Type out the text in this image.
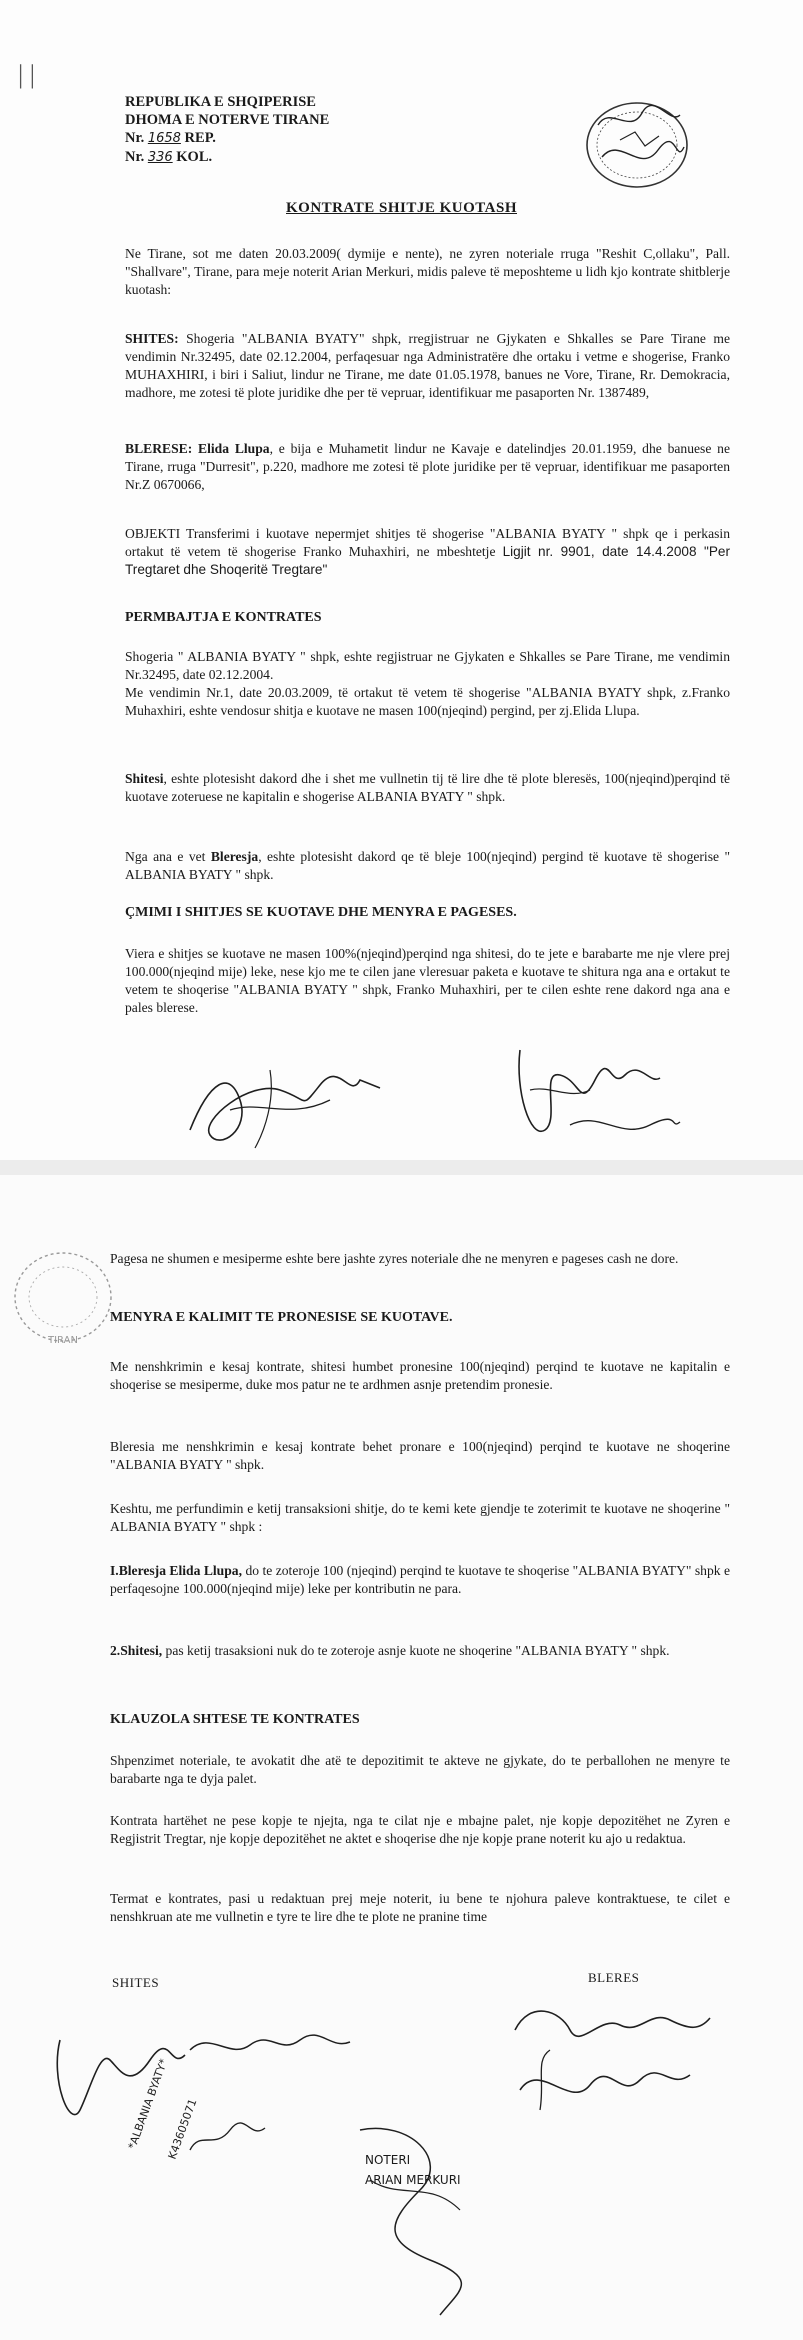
| |
REPUBLIKA E SHQIPERISE
DHOMA E NOTERVE TIRANE
Nr. 1658 REP.
Nr. 336 KOL.
KONTRATE SHITJE KUOTASH
Ne Tirane, sot me daten 20.03.2009( dymije e nente), ne zyren noteriale rruga "Reshit C,ollaku", Pall. "Shallvare", Tirane, para meje noterit Arian Merkuri, midis paleve të meposhteme u lidh kjo kontrate shitblerje kuotash:
SHITES: Shogeria "ALBANIA BYATY" shpk, rregjistruar ne Gjykaten e Shkalles se Pare Tirane me vendimin Nr.32495, date 02.12.2004, perfaqesuar nga Administratëre dhe ortaku i vetme e shogerise, Franko MUHAXHIRI, i biri i Saliut, lindur ne Tirane, me date 01.05.1978, banues ne Vore, Tirane, Rr. Demokracia, madhore, me zotesi të plote juridike dhe per të vepruar, identifikuar me pasaporten Nr. 1387489,
BLERESE: Elida Llupa, e bija e Muhametit lindur ne Kavaje e datelindjes 20.01.1959, dhe banuese ne Tirane, rruga "Durresit", p.220, madhore me zotesi të plote juridike per të vepruar, identifikuar me pasaporten Nr.Z 0670066,
OBJEKTI Transferimi i kuotave nepermjet shitjes të shogerise "ALBANIA BYATY " shpk qe i perkasin ortakut të vetem të shogerise Franko Muhaxhiri, ne mbeshtetje Ligjit nr. 9901, date 14.4.2008 "Per Tregtaret dhe Shoqeritë Tregtare"
PERMBAJTJA E KONTRATES
Shogeria " ALBANIA BYATY " shpk, eshte regjistruar ne Gjykaten e Shkalles se Pare Tirane, me vendimin Nr.32495, date 02.12.2004.
Me vendimin Nr.1, date 20.03.2009, të ortakut të vetem të shogerise "ALBANIA BYATY shpk, z.Franko Muhaxhiri, eshte vendosur shitja e kuotave ne masen 100(njeqind) pergind, per zj.Elida Llupa.
Shitesi, eshte plotesisht dakord dhe i shet me vullnetin tij të lire dhe të plote bleresës, 100(njeqind)perqind të kuotave zoteruese ne kapitalin e shogerise ALBANIA BYATY " shpk.
Nga ana e vet Bleresja, eshte plotesisht dakord qe të bleje 100(njeqind) pergind të kuotave të shogerise " ALBANIA BYATY " shpk.
ÇMIMI I SHITJES SE KUOTAVE DHE MENYRA E PAGESES.
Viera e shitjes se kuotave ne masen 100%(njeqind)perqind nga shitesi, do te jete e barabarte me nje vlere prej 100.000(njeqind mije) leke, nese kjo me te cilen jane vleresuar paketa e kuotave te shitura nga ana e ortakut te vetem te shoqerise "ALBANIA BYATY " shpk, Franko Muhaxhiri, per te cilen eshte rene dakord nga ana e pales blerese.
TIRAN
Pagesa ne shumen e mesiperme eshte bere jashte zyres noteriale dhe ne menyren e pageses cash ne dore.
MENYRA E KALIMIT TE PRONESISE SE KUOTAVE.
Me nenshkrimin e kesaj kontrate, shitesi humbet pronesine 100(njeqind) perqind te kuotave ne kapitalin e shoqerise se mesiperme, duke mos patur ne te ardhmen asnje pretendim pronesie.
Bleresia me nenshkrimin e kesaj kontrate behet pronare e 100(njeqind) perqind te kuotave ne shoqerine "ALBANIA BYATY " shpk.
Keshtu, me perfundimin e ketij transaksioni shitje, do te kemi kete gjendje te zoterimit te kuotave ne shoqerine " ALBANIA BYATY " shpk :
I.Bleresja Elida Llupa, do te zoteroje 100 (njeqind) perqind te kuotave te shoqerise "ALBANIA BYATY" shpk e perfaqesojne 100.000(njeqind mije) leke per kontributin ne para.
2.Shitesi, pas ketij trasaksioni nuk do te zoteroje asnje kuote ne shoqerine "ALBANIA BYATY " shpk.
KLAUZOLA SHTESE TE KONTRATES
Shpenzimet noteriale, te avokatit dhe atë te depozitimit te akteve ne gjykate, do te perballohen ne menyre te barabarte nga te dyja palet.
Kontrata hartëhet ne pese kopje te njejta, nga te cilat nje e mbajne palet, nje kopje depozitëhet ne Zyren e Regjistrit Tregtar, nje kopje depozitëhet ne aktet e shoqerise dhe nje kopje prane noterit ku ajo u redaktua.
Termat e kontrates, pasi u redaktuan prej meje noterit, iu bene te njohura paleve kontraktuese, te cilet e nenshkruan ate me vullnetin e tyre te lire dhe te plote ne pranine time
SHITES	BLERES
*ALBANIA BYATY*
K43605071	NOTERI
ARIAN MERKURI
